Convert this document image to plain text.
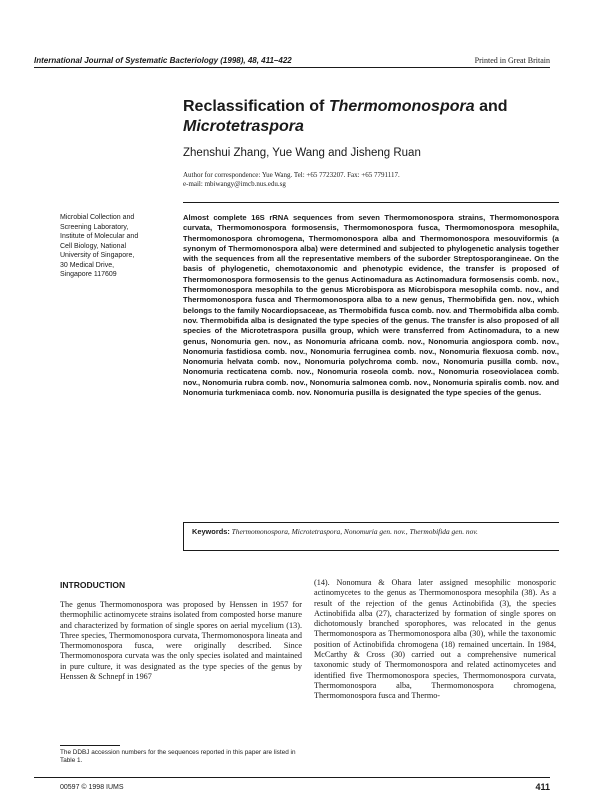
International Journal of Systematic Bacteriology (1998), 48, 411–422	Printed in Great Britain
Reclassification of Thermomonospora and
Microtetraspora
Zhenshui Zhang, Yue Wang and Jisheng Ruan
Author for correspondence: Yue Wang. Tel: +65 7723207. Fax: +65 7791117.
e-mail: mbiwangy@imcb.nus.edu.sg
Microbial Collection and
Screening Laboratory,
Institute of Molecular and
Cell Biology, National
University of Singapore,
30 Medical Drive,
Singapore 117609
Almost complete 16S rRNA sequences from seven Thermomonospora strains, Thermomonospora curvata, Thermomonospora formosensis, Thermomonospora fusca, Thermomonospora mesophila, Thermomonospora chromogena, Thermomonospora alba and Thermomonospora mesouviformis (a synonym of Thermomonospora alba) were determined and subjected to phylogenetic analysis together with the sequences from all the representative members of the suborder Streptosporangineae. On the basis of phylogenetic, chemotaxonomic and phenotypic evidence, the transfer is proposed of Thermomonospora formosensis to the genus Actinomadura as Actinomadura formosensis comb. nov., Thermomonospora mesophila to the genus Microbispora as Microbispora mesophila comb. nov., and Thermomonospora fusca and Thermomonospora alba to a new genus, Thermobifida gen. nov., which belongs to the family Nocardiopsaceae, as Thermobifida fusca comb. nov. and Thermobifida alba comb. nov. Thermobifida alba is designated the type species of the genus. The transfer is also proposed of all species of the Microtetraspora pusilla group, which were transferred from Actinomadura, to a new genus, Nonomuria gen. nov., as Nonomuria africana comb. nov., Nonomuria angiospora comb. nov., Nonomuria fastidiosa comb. nov., Nonomuria ferruginea comb. nov., Nonomuria flexuosa comb. nov., Nonomuria helvata comb. nov., Nonomuria polychroma comb. nov., Nonomuria pusilla comb. nov., Nonomuria recticatena comb. nov., Nonomuria roseola comb. nov., Nonomuria roseoviolacea comb. nov., Nonomuria rubra comb. nov., Nonomuria salmonea comb. nov., Nonomuria spiralis comb. nov. and Nonomuria turkmeniaca comb. nov. Nonomuria pusilla is designated the type species of the genus.
Keywords: Thermomonospora, Microtetraspora, Nonomuria gen. nov., Thermobifida gen. nov.
INTRODUCTION
The genus Thermomonospora was proposed by Henssen in 1957 for thermophilic actinomycete strains isolated from composted horse manure and characterized by formation of single spores on aerial mycelium (13). Three species, Thermomonospora curvata, Thermomonospora lineata and Thermomonospora fusca, were originally described. Since Thermomonospora curvata was the only species isolated and maintained in pure culture, it was designated as the type species of the genus by Henssen & Schnepf in 1967
(14). Nonomura & Ohara later assigned mesophilic monosporic actinomycetes to the genus as Thermomonospora mesophila (38). As a result of the rejection of the genus Actinobifida (3), the species Actinobifida alba (27), characterized by formation of single spores on dichotomously branched sporophores, was relocated in the genus Thermomonospora as Thermomonospora alba (30), while the taxonomic position of Actinobifida chromogena (18) remained uncertain. In 1984, McCarthy & Cross (30) carried out a comprehensive numerical taxonomic study of Thermomonospora and related actinomycetes and identified five Thermomonospora species, Thermomonospora curvata, Thermomonospora alba, Thermomonospora chromogena, Thermomonospora fusca and Thermo-
The DDBJ accession numbers for the sequences reported in this paper are listed in Table 1.
00597 © 1998 IUMS	411
